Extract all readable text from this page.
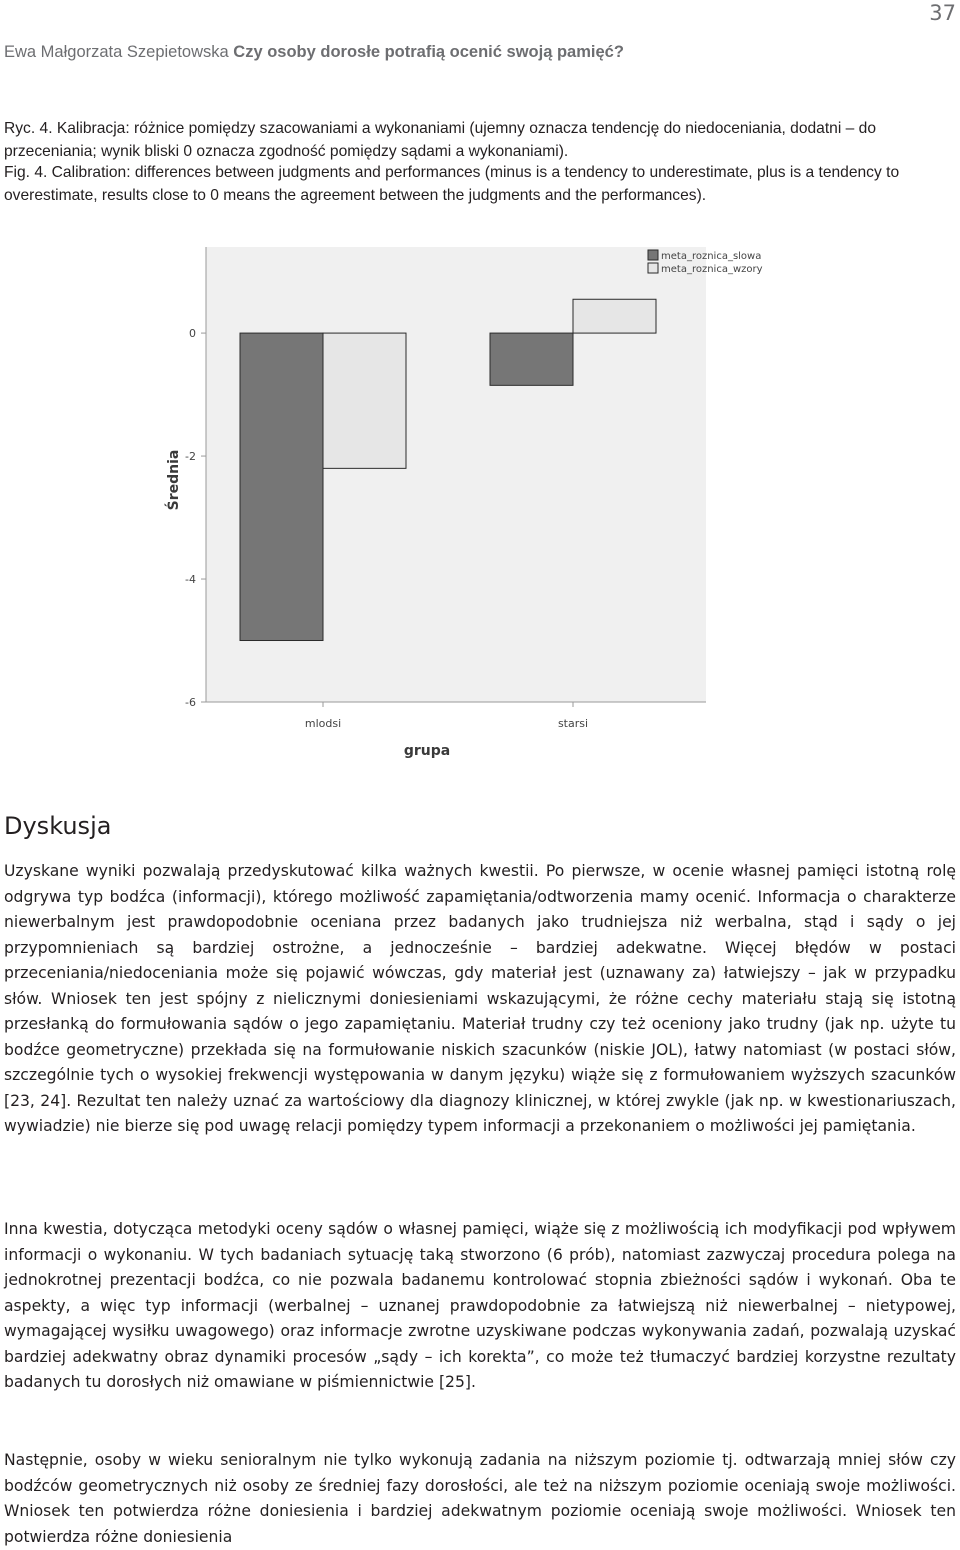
37
Ewa Małgorzata Szepietowska Czy osoby dorosłe potrafią ocenić swoją pamięć?

Ryc. 4. Kalibracja: różnice pomiędzy szacowaniami a wykonaniami (ujemny oznacza tendencję do niedoceniania, dodatni – do przeceniania; wynik bliski 0 oznacza zgodność pomiędzy sądami a wykonaniami).

Fig. 4. Calibration: differences between judgments and performances (minus is a tendency to underestimate, plus is a tendency to overestimate, results close to 0 means the agreement between the judgments and the performances).

0
-2
-4
-6
mlodsi	starsi
meta_roznica_slowa
meta_roznica_wzory
Średnia
grupa
Dyskusja

Uzyskane wyniki pozwalają przedyskutować kilka ważnych kwestii. Po pierwsze, w ocenie własnej pamięci istotną rolę odgrywa typ bodźca (informacji), którego możliwość zapamiętania/odtworzenia mamy ocenić. Informacja o charakterze niewerbalnym jest prawdopodobnie oceniana przez badanych jako trudniejsza niż werbalna, stąd i sądy o jej przypomnieniach są bardziej ostrożne, a jednocześnie – bardziej adekwatne. Więcej błędów w postaci przeceniania/niedoceniania może się pojawić wówczas, gdy materiał jest (uznawany za) łatwiejszy – jak w przypadku słów. Wniosek ten jest spójny z nielicznymi doniesieniami wskazującymi, że różne cechy materiału stają się istotną przesłanką do formułowania sądów o jego zapamiętaniu. Materiał trudny czy też oceniony jako trudny (jak np. użyte tu bodźce geometryczne) przekłada się na formułowanie niskich szacunków (niskie JOL), łatwy natomiast (w postaci słów, szczególnie tych o wysokiej frekwencji występowania w danym języku) wiąże się z formułowaniem wyższych szacunków [23, 24]. Rezultat ten należy uznać za wartościowy dla diagnozy klinicznej, w której zwykle (jak np. w kwestionariuszach, wywiadzie) nie bierze się pod uwagę relacji pomiędzy typem informacji a przekonaniem o możliwości jej pamiętania.

Inna kwestia, dotycząca metodyki oceny sądów o własnej pamięci, wiąże się z możliwością ich modyfikacji pod wpływem informacji o wykonaniu. W tych badaniach sytuację taką stworzono (6 prób), natomiast zazwyczaj procedura polega na jednokrotnej prezentacji bodźca, co nie pozwala badanemu kontrolować stopnia zbieżności sądów i wykonań. Oba te aspekty, a więc typ informacji (werbalnej – uznanej prawdopodobnie za łatwiejszą niż niewerbalnej – nietypowej, wymagającej wysiłku uwagowego) oraz informacje zwrotne uzyskiwane podczas wykonywania zadań, pozwalają uzyskać bardziej adekwatny obraz dynamiki procesów „sądy – ich korekta”, co może też tłumaczyć bardziej korzystne rezultaty badanych tu dorosłych niż omawiane w piśmiennictwie [25].

Następnie, osoby w wieku senioralnym nie tylko wykonują zadania na niższym poziomie tj. odtwarzają mniej słów czy bodźców geometrycznych niż osoby ze średniej fazy dorosłości, ale też na niższym poziomie oceniają swoje możliwości. Wniosek ten potwierdza różne doniesienia i bardziej adekwatnym poziomie oceniają swoje możliwości. Wniosek ten potwierdza różne doniesienia
